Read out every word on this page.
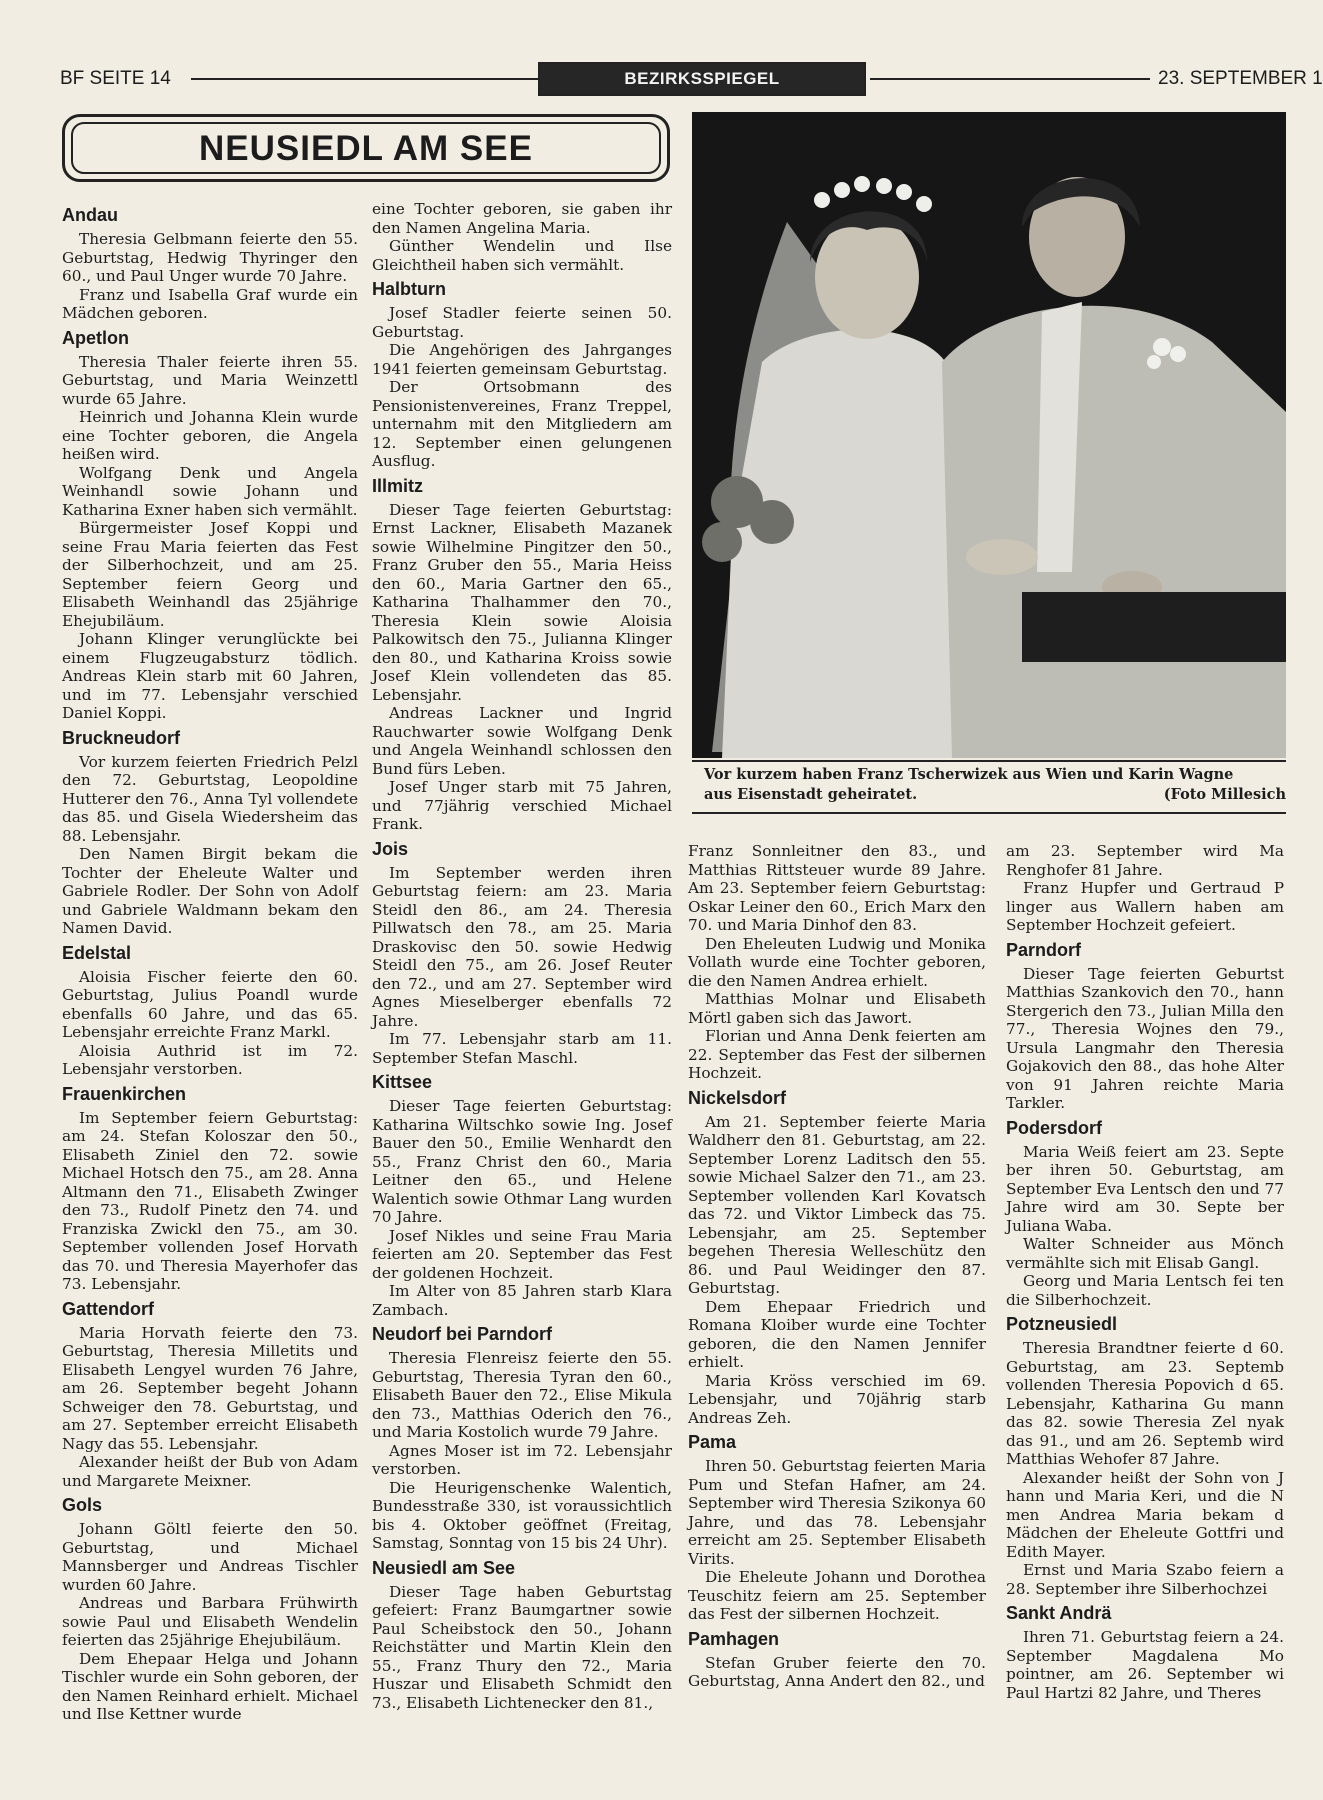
BF SEITE 14	BEZIRKSSPIEGEL	23. SEPTEMBER 1
NEUSIEDL AM SEE
Vor kurzem haben Franz Tscherwizek aus Wien und Karin Wagne
aus Eisenstadt geheiratet.	(Foto Millesich
Andau

Theresia Gelbmann feierte den 55. Geburtstag, Hedwig Thyringer den 60., und Paul Unger wurde 70 Jahre.

Franz und Isabella Graf wurde ein Mädchen geboren.

Apetlon

Theresia Thaler feierte ihren 55. Geburtstag, und Maria Weinzettl wurde 65 Jahre.

Heinrich und Johanna Klein wurde eine Tochter geboren, die Angela heißen wird.

Wolfgang Denk und Angela Weinhandl sowie Johann und Katharina Exner haben sich vermählt.

Bürgermeister Josef Koppi und seine Frau Maria feierten das Fest der Silberhochzeit, und am 25. September feiern Georg und Elisabeth Weinhandl das 25jährige Ehejubiläum.

Johann Klinger verunglückte bei einem Flugzeugabsturz tödlich. Andreas Klein starb mit 60 Jahren, und im 77. Lebensjahr verschied Daniel Koppi.

Bruckneudorf

Vor kurzem feierten Friedrich Pelzl den 72. Geburtstag, Leopoldine Hutterer den 76., Anna Tyl vollendete das 85. und Gisela Wiedersheim das 88. Lebensjahr.

Den Namen Birgit bekam die Tochter der Eheleute Walter und Gabriele Rodler. Der Sohn von Adolf und Gabriele Waldmann bekam den Namen David.

Edelstal

Aloisia Fischer feierte den 60. Geburtstag, Julius Poandl wurde ebenfalls 60 Jahre, und das 65. Lebensjahr erreichte Franz Markl.

Aloisia Authrid ist im 72. Lebensjahr verstorben.

Frauenkirchen

Im September feiern Geburtstag: am 24. Stefan Koloszar den 50., Elisabeth Ziniel den 72. sowie Michael Hotsch den 75., am 28. Anna Altmann den 71., Elisabeth Zwinger den 73., Rudolf Pinetz den 74. und Franziska Zwickl den 75., am 30. September vollenden Josef Horvath das 70. und Theresia Mayerhofer das 73. Lebensjahr.

Gattendorf

Maria Horvath feierte den 73. Geburtstag, Theresia Milletits und Elisabeth Lengyel wurden 76 Jahre, am 26. September begeht Johann Schweiger den 78. Geburtstag, und am 27. September erreicht Elisabeth Nagy das 55. Lebensjahr.

Alexander heißt der Bub von Adam und Margarete Meixner.

Gols

Johann Göltl feierte den 50. Geburtstag, und Michael Mannsberger und Andreas Tischler wurden 60 Jahre.

Andreas und Barbara Frühwirth sowie Paul und Elisabeth Wendelin feierten das 25jährige Ehejubiläum.

Dem Ehepaar Helga und Johann Tischler wurde ein Sohn geboren, der den Namen Reinhard erhielt. Michael und Ilse Kettner wurde

eine Tochter geboren, sie gaben ihr den Namen Angelina Maria.

Günther Wendelin und Ilse Gleichtheil haben sich vermählt.

Halbturn

Josef Stadler feierte seinen 50. Geburtstag.

Die Angehörigen des Jahrganges 1941 feierten gemeinsam Geburtstag.

Der Ortsobmann des Pensionistenvereines, Franz Treppel, unternahm mit den Mitgliedern am 12. September einen gelungenen Ausflug.

Illmitz

Dieser Tage feierten Geburtstag: Ernst Lackner, Elisabeth Mazanek sowie Wilhelmine Pingitzer den 50., Franz Gruber den 55., Maria Heiss den 60., Maria Gartner den 65., Katharina Thalhammer den 70., Theresia Klein sowie Aloisia Palkowitsch den 75., Julianna Klinger den 80., und Katharina Kroiss sowie Josef Klein vollendeten das 85. Lebensjahr.

Andreas Lackner und Ingrid Rauchwarter sowie Wolfgang Denk und Angela Weinhandl schlossen den Bund fürs Leben.

Josef Unger starb mit 75 Jahren, und 77jährig verschied Michael Frank.

Jois

Im September werden ihren Geburtstag feiern: am 23. Maria Steidl den 86., am 24. Theresia Pillwatsch den 78., am 25. Maria Draskovisc den 50. sowie Hedwig Steidl den 75., am 26. Josef Reuter den 72., und am 27. September wird Agnes Mieselberger ebenfalls 72 Jahre.

Im 77. Lebensjahr starb am 11. September Stefan Maschl.

Kittsee

Dieser Tage feierten Geburtstag: Katharina Wiltschko sowie Ing. Josef Bauer den 50., Emilie Wenhardt den 55., Franz Christ den 60., Maria Leitner den 65., und Helene Walentich sowie Othmar Lang wurden 70 Jahre.

Josef Nikles und seine Frau Maria feierten am 20. September das Fest der goldenen Hochzeit.

Im Alter von 85 Jahren starb Klara Zambach.

Neudorf bei Parndorf

Theresia Flenreisz feierte den 55. Geburtstag, Theresia Tyran den 60., Elisabeth Bauer den 72., Elise Mikula den 73., Matthias Oderich den 76., und Maria Kostolich wurde 79 Jahre.

Agnes Moser ist im 72. Lebensjahr verstorben.

Die Heurigenschenke Walentich, Bundesstraße 330, ist voraussichtlich bis 4. Oktober geöffnet (Freitag, Samstag, Sonntag von 15 bis 24 Uhr).

Neusiedl am See

Dieser Tage haben Geburtstag gefeiert: Franz Baumgartner sowie Paul Scheibstock den 50., Johann Reichstätter und Martin Klein den 55., Franz Thury den 72., Maria Huszar und Elisabeth Schmidt den 73., Elisabeth Lichtenecker den 81.,

Franz Sonnleitner den 83., und Matthias Rittsteuer wurde 89 Jahre. Am 23. September feiern Geburtstag: Oskar Leiner den 60., Erich Marx den 70. und Maria Dinhof den 83.

Den Eheleuten Ludwig und Monika Vollath wurde eine Tochter geboren, die den Namen Andrea erhielt.

Matthias Molnar und Elisabeth Mörtl gaben sich das Jawort.

Florian und Anna Denk feierten am 22. September das Fest der silbernen Hochzeit.

Nickelsdorf

Am 21. September feierte Maria Waldherr den 81. Geburtstag, am 22. September Lorenz Laditsch den 55. sowie Michael Salzer den 71., am 23. September vollenden Karl Kovatsch das 72. und Viktor Limbeck das 75. Lebensjahr, am 25. September begehen Theresia Welleschütz den 86. und Paul Weidinger den 87. Geburtstag.

Dem Ehepaar Friedrich und Romana Kloiber wurde eine Tochter geboren, die den Namen Jennifer erhielt.

Maria Kröss verschied im 69. Lebensjahr, und 70jährig starb Andreas Zeh.

Pama

Ihren 50. Geburtstag feierten Maria Pum und Stefan Hafner, am 24. September wird Theresia Szikonya 60 Jahre, und das 78. Lebensjahr erreicht am 25. September Elisabeth Virits.

Die Eheleute Johann und Dorothea Teuschitz feiern am 25. September das Fest der silbernen Hochzeit.

Pamhagen

Stefan Gruber feierte den 70. Geburtstag, Anna Andert den 82., und

am 23. September wird Ma Renghofer 81 Jahre.

Franz Hupfer und Gertraud P linger aus Wallern haben am September Hochzeit gefeiert.

Parndorf

Dieser Tage feierten Geburtst Matthias Szankovich den 70., hann Stergerich den 73., Julian Milla den 77., Theresia Wojnes den 79., Ursula Langmahr den Theresia Gojakovich den 88., das hohe Alter von 91 Jahren reichte Maria Tarkler.

Podersdorf

Maria Weiß feiert am 23. Septe ber ihren 50. Geburtstag, am September Eva Lentsch den und 77 Jahre wird am 30. Septe ber Juliana Waba.

Walter Schneider aus Mönch vermählte sich mit Elisab Gangl.

Georg und Maria Lentsch fei ten die Silberhochzeit.

Potzneusiedl

Theresia Brandtner feierte d 60. Geburtstag, am 23. Septemb vollenden Theresia Popovich d 65. Lebensjahr, Katharina Gu mann das 82. sowie Theresia Zel nyak das 91., und am 26. Septemb wird Matthias Wehofer 87 Jahre.

Alexander heißt der Sohn von J hann und Maria Keri, und die N men Andrea Maria bekam d Mädchen der Eheleute Gottfri und Edith Mayer.

Ernst und Maria Szabo feiern a 28. September ihre Silberhochzei

Sankt Andrä

Ihren 71. Geburtstag feiern a 24. September Magdalena Mo pointner, am 26. September wi Paul Hartzi 82 Jahre, und Theres
